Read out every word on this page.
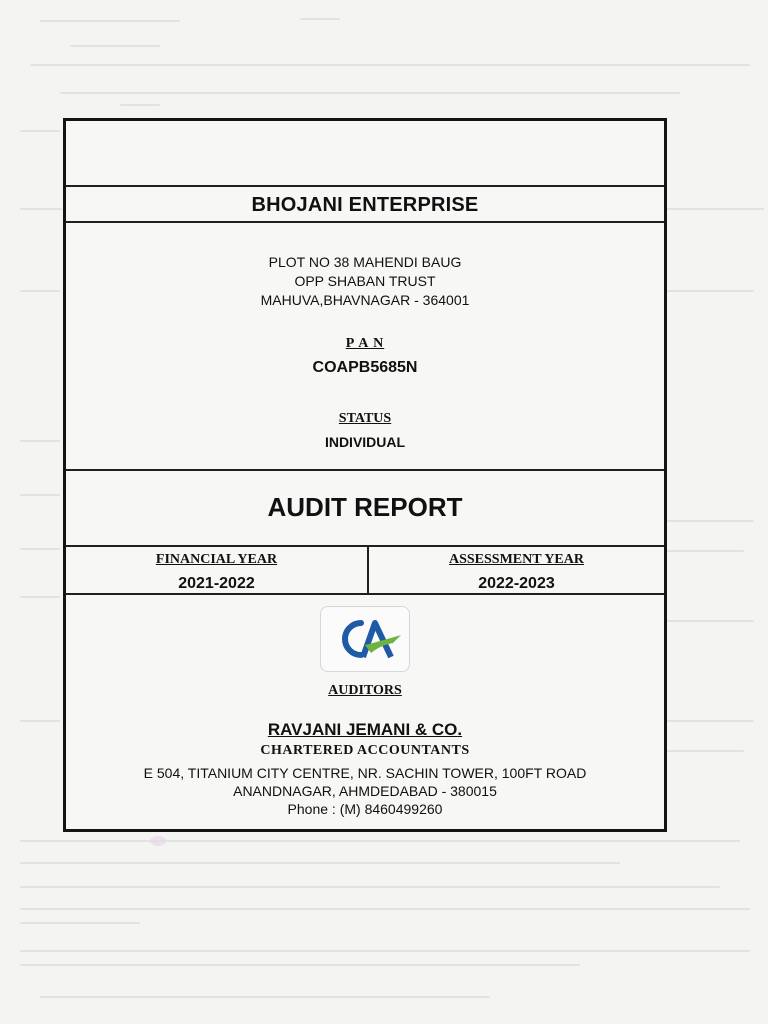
BHOJANI ENTERPRISE
PLOT NO 38 MAHENDI BAUG
OPP SHABAN TRUST
MAHUVA,BHAVNAGAR - 364001
P A N
COAPB5685N
STATUS
INDIVIDUAL
AUDIT REPORT
FINANCIAL YEAR
2021-2022
ASSESSMENT YEAR
2022-2023
AUDITORS
RAVJANI JEMANI & CO.
CHARTERED ACCOUNTANTS
E 504, TITANIUM CITY CENTRE, NR. SACHIN TOWER, 100FT ROAD
ANANDNAGAR, AHMDEDABAD - 380015
Phone : (M) 8460499260
